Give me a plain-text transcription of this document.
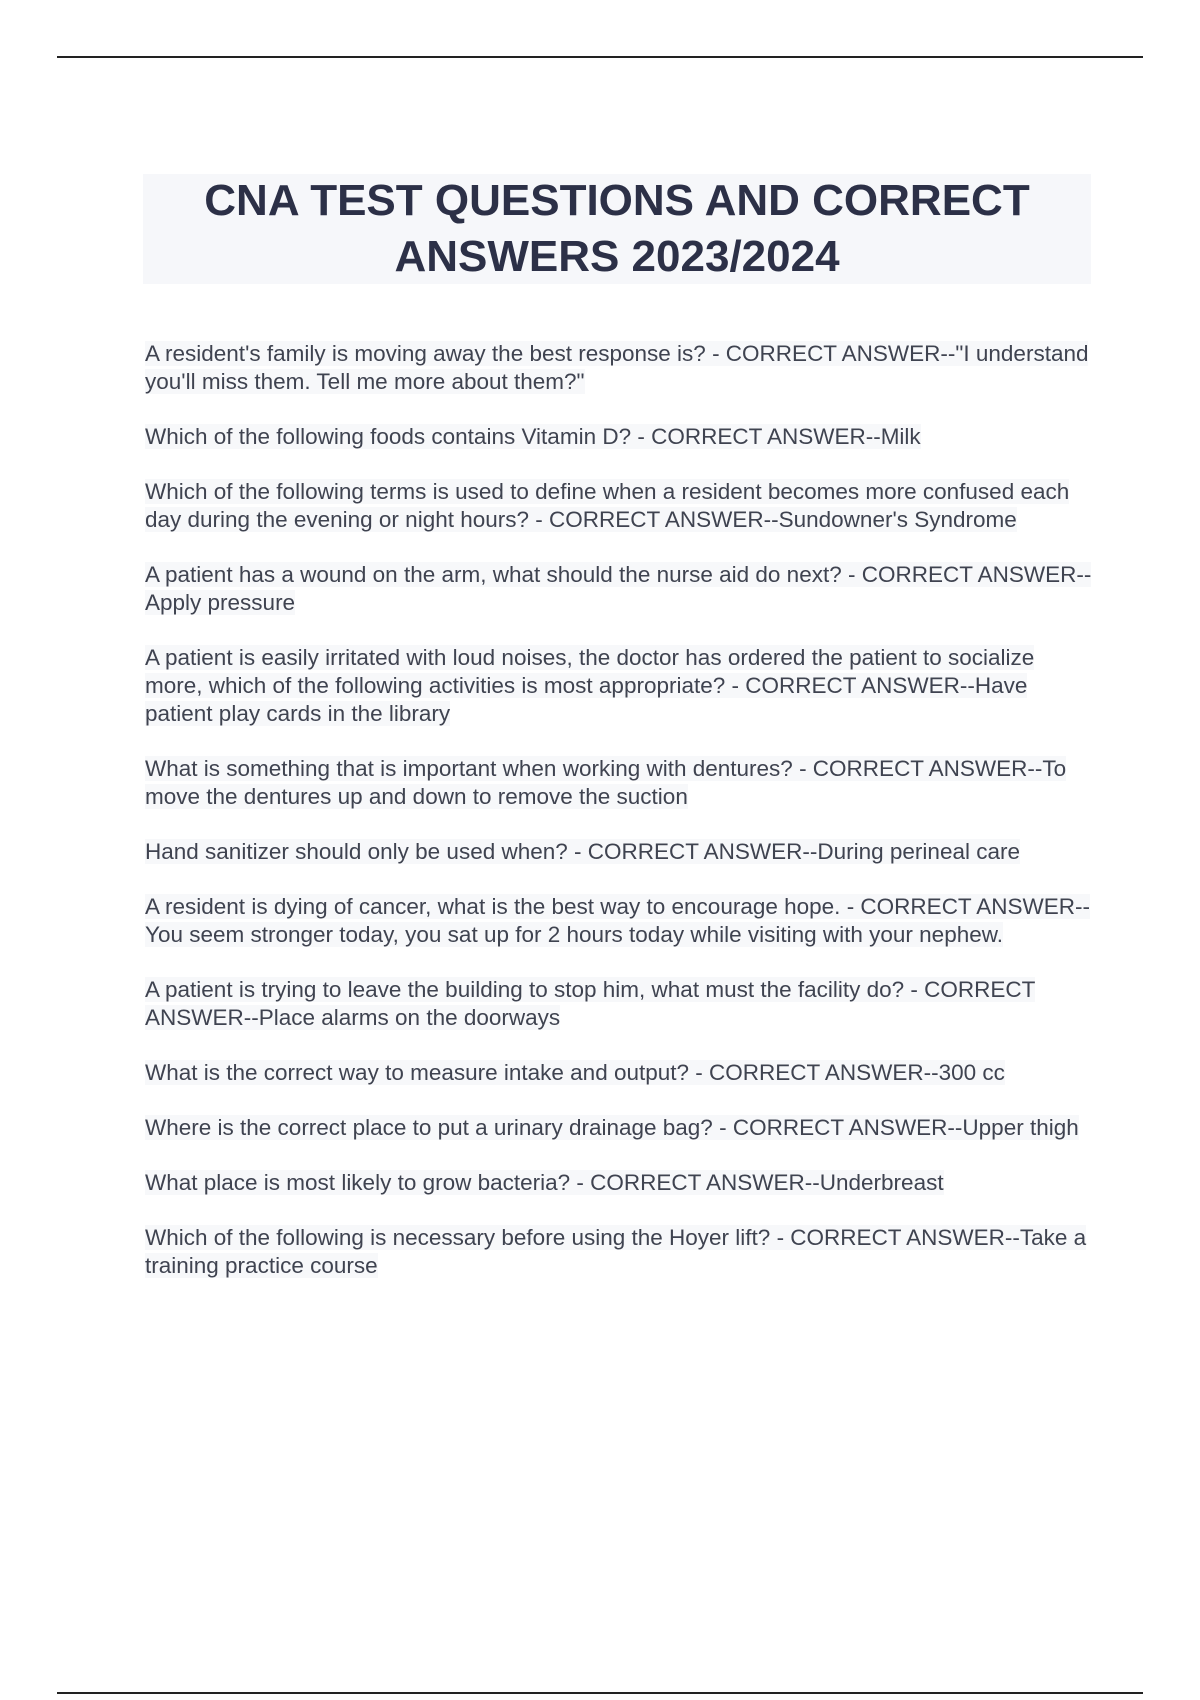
CNA TEST QUESTIONS AND CORRECT
ANSWERS 2023/2024
A resident's family is moving away the best response is? - CORRECT ANSWER--"I understand you'll miss them. Tell me more about them?"
Which of the following foods contains Vitamin D? - CORRECT ANSWER--Milk
Which of the following terms is used to define when a resident becomes more confused each day during the evening or night hours? - CORRECT ANSWER--Sundowner's Syndrome
A patient has a wound on the arm, what should the nurse aid do next? - CORRECT ANSWER--Apply pressure
A patient is easily irritated with loud noises, the doctor has ordered the patient to socialize more, which of the following activities is most appropriate? - CORRECT ANSWER--Have patient play cards in the library
What is something that is important when working with dentures? - CORRECT ANSWER--To move the dentures up and down to remove the suction
Hand sanitizer should only be used when? - CORRECT ANSWER--During perineal care
A resident is dying of cancer, what is the best way to encourage hope. - CORRECT ANSWER-- You seem stronger today, you sat up for 2 hours today while visiting with your nephew.
A patient is trying to leave the building to stop him, what must the facility do? - CORRECT ANSWER--Place alarms on the doorways
What is the correct way to measure intake and output? - CORRECT ANSWER--300 cc
Where is the correct place to put a urinary drainage bag? - CORRECT ANSWER--Upper thigh
What place is most likely to grow bacteria? - CORRECT ANSWER--Underbreast
Which of the following is necessary before using the Hoyer lift? - CORRECT ANSWER--Take a training practice course
